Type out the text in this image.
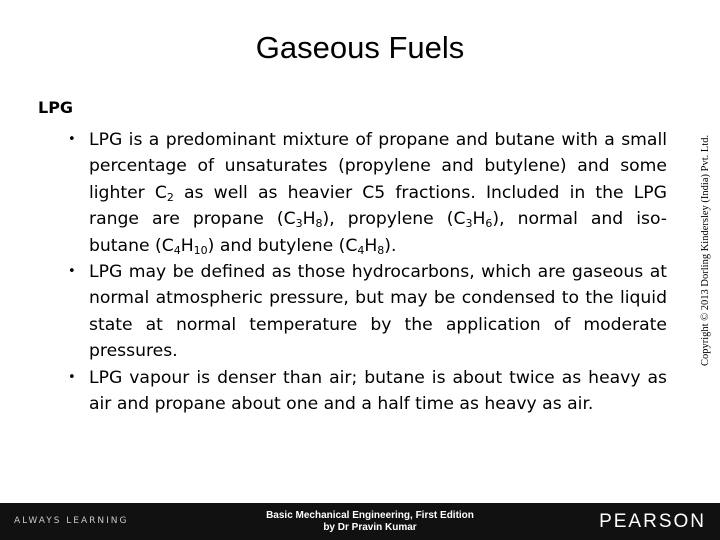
Gaseous Fuels
LPG
• LPG is a predominant mixture of propane and butane with a small percentage of unsaturates (propylene and butylene) and some lighter $C_2$ as well as heavier C5 fractions. Included in the LPG range are propane $(C_3H_8)$, propylene $(C_3H_6)$, normal and iso-butane $(C_4H_{10})$ and butylene $(C_4H_8)$.
• LPG may be defined as those hydrocarbons, which are gaseous at normal atmospheric pressure, but may be condensed to the liquid state at normal temperature by the application of moderate pressures.
• LPG vapour is denser than air; butane is about twice as heavy as air and propane about one and a half time as heavy as air.
Copyright © 2013 Dorling Kindersley (India) Pvt. Ltd.
ALWAYS LEARNING	Basic Mechanical Engineering, First Edition
by Dr Pravin Kumar	PEARSON
